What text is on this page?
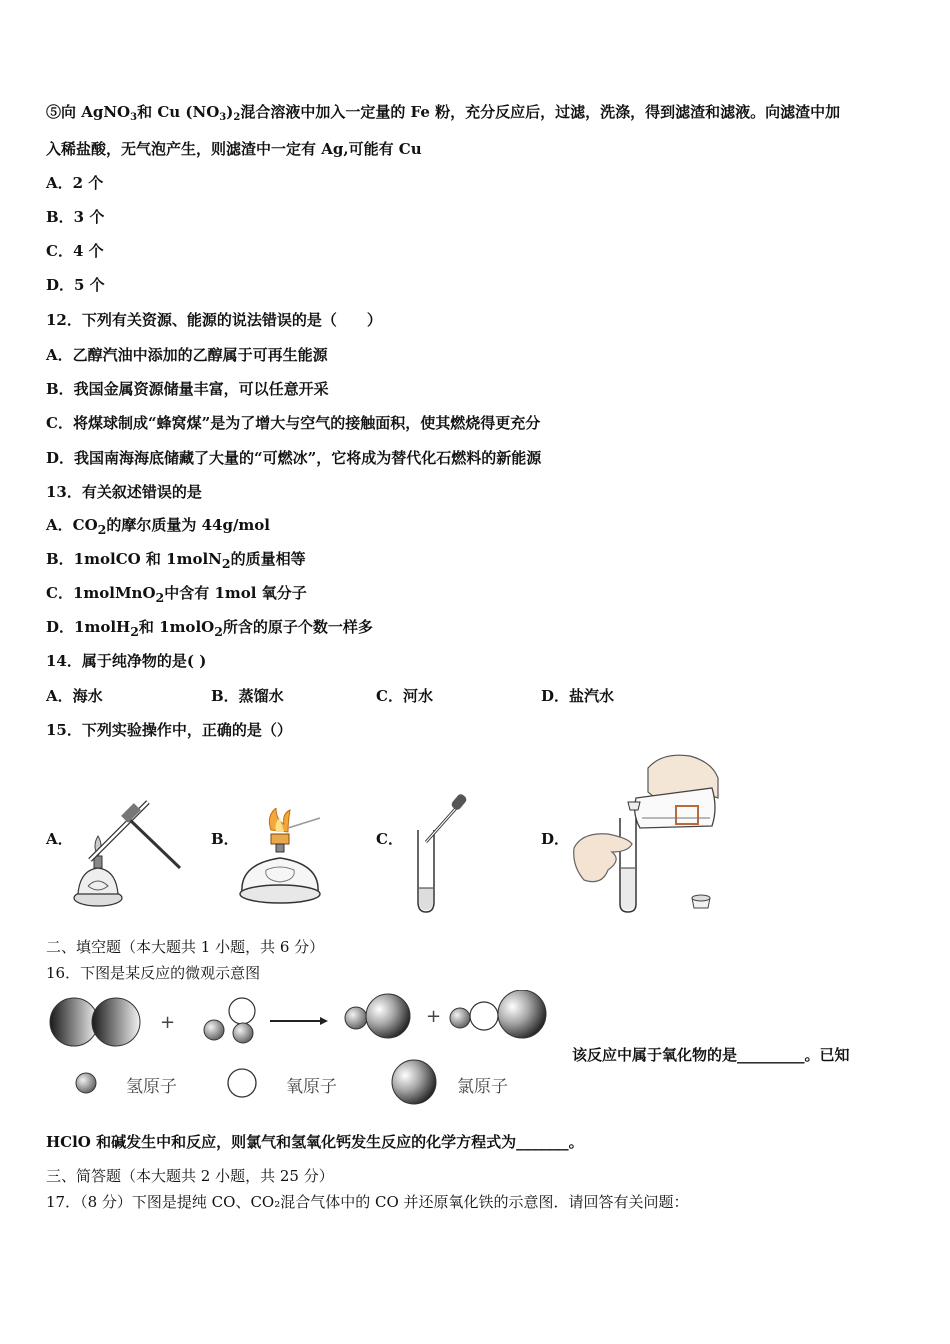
⑤向 AgNO$_3$和 Cu $(NO_3)_2$混合溶液中加入一定量的 Fe 粉，充分反应后，过滤，洗涤，得到滤渣和滤液。向滤渣中加
入稀盐酸，无气泡产生，则滤渣中一定有 Ag,可能有 Cu
A．2 个
B．3 个
C．4 个
D．5 个
12．下列有关资源、能源的说法错误的是（　　）
A．乙醇汽油中添加的乙醇属于可再生能源
B．我国金属资源储量丰富，可以任意开采
C．将煤球制成“蜂窝煤”是为了增大与空气的接触面积，使其燃烧得更充分
D．我国南海海底储藏了大量的“可燃冰”，它将成为替代化石燃料的新能源
13．有关叙述错误的是
A．$CO_2$的摩尔质量为 44g/mol
B．1molCO 和 1molN$_2$的质量相等
C．1molMnO$_2$中含有 1mol 氧分子
D．1molH$_2$和 1molO$_2$所含的原子个数一样多
14．属于纯净物的是( )
A．海水	B．蒸馏水	C．河水	D．盐汽水
15．下列实验操作中，正确的是（）
A．	B．	C．	D．
二、填空题（本大题共 1 小题，共 6 分）
16．下图是某反应的微观示意图
+	+
氢原子	氧原子	氯原子
该反应中属于氧化物的是_________。已知
HClO 和碱发生中和反应，则氯气和氢氧化钙发生反应的化学方程式为_______。
三、简答题（本大题共 2 小题，共 25 分）
17．（8 分）下图是提纯 CO、CO₂混合气体中的 CO 并还原氧化铁的示意图．请回答有关问题：
